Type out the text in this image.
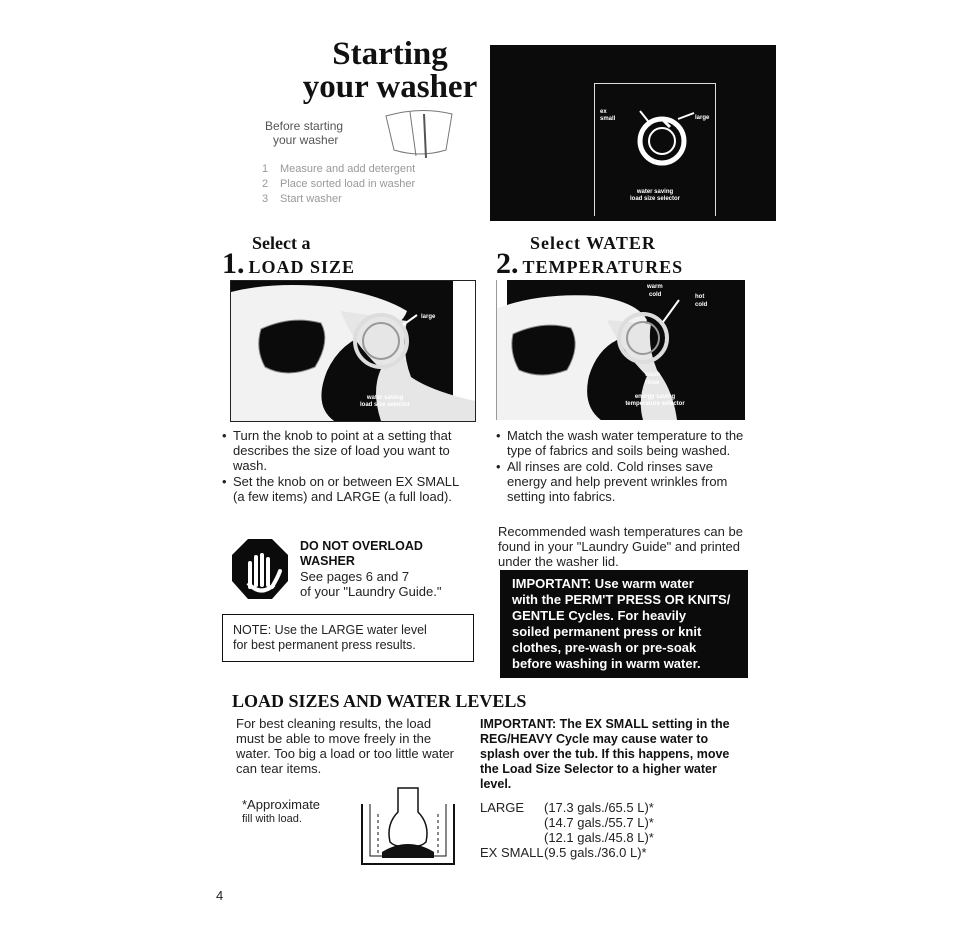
Starting
your washer
Before starting
your washer
1	Measure and add detergent
2	Place sorted load in washer
3	Start washer
ex
small	large
water saving
load size selector
Select a
1. LOAD SIZE
large
water saving
load size selector
• Turn the knob to point at a setting that describes the size of load you want to wash.
• Set the knob on or between EX SMALL (a few items) and LARGE (a full load).
DO NOT OVERLOAD
WASHER
See pages 6 and 7
of your "Laundry Guide."
NOTE: Use the LARGE water level
for best permanent press results.
Select WATER
2. TEMPERATURES
warm
cold	hot
cold
wash
rinse
energy saving
temperature selector
• Match the wash water temperature to the type of fabrics and soils being washed.
• All rinses are cold. Cold rinses save energy and help prevent wrinkles from setting into fabrics.
Recommended wash temperatures can be found in your "Laundry Guide" and printed under the washer lid.
IMPORTANT: Use warm water
with the PERM'T PRESS OR KNITS/
GENTLE Cycles. For heavily
soiled permanent press or knit
clothes, pre-wash or pre-soak
before washing in warm water.
LOAD SIZES AND WATER LEVELS
For best cleaning results, the load must be able to move freely in the water. Too big a load or too little water can tear items.
*Approximate
fill with load.
IMPORTANT: The EX SMALL setting in the REG/HEAVY Cycle may cause water to splash over the tub. If this happens, move the Load Size Selector to a higher water level.
LARGE	(17.3 gals./65.5 L)*
(14.7 gals./55.7 L)*
(12.1 gals./45.8 L)*
EX SMALL (9.5 gals./36.0 L)*
4
